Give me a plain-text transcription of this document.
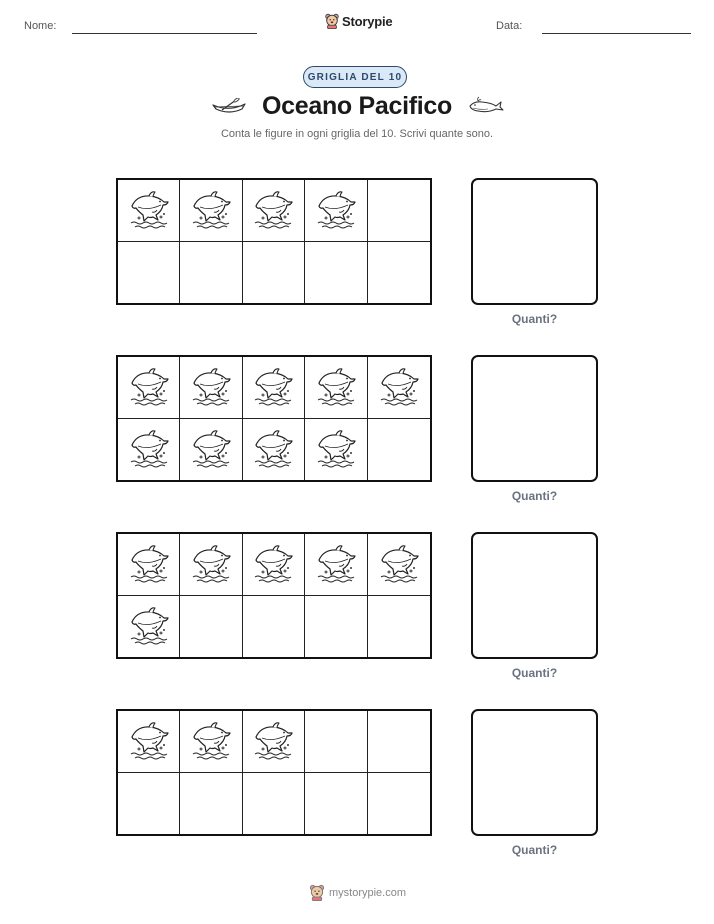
Nome:	Storypie	Data:
GRIGLIA DEL 10
Oceano Pacifico
Conta le figure in ogni griglia del 10. Scrivi quante sono.
Quanti?
Quanti?
Quanti?
Quanti?
mystorypie.com
